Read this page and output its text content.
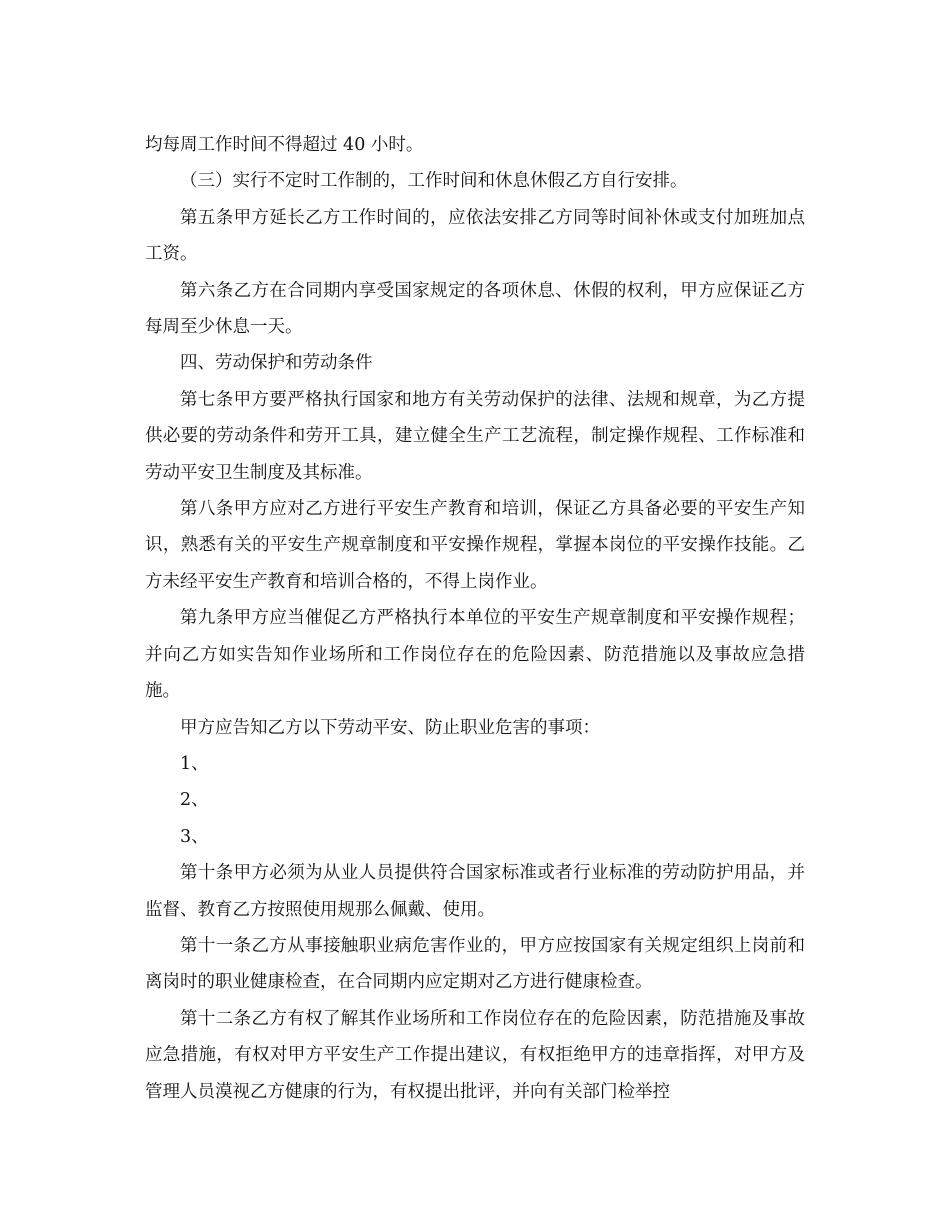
均每周工作时间不得超过 40 小时。

（三）实行不定时工作制的，工作时间和休息休假乙方自行安排。

第五条甲方延长乙方工作时间的，应依法安排乙方同等时间补休或支付加班加点工资。

第六条乙方在合同期内享受国家规定的各项休息、休假的权利，甲方应保证乙方每周至少休息一天。

四、劳动保护和劳动条件

第七条甲方要严格执行国家和地方有关劳动保护的法律、法规和规章，为乙方提供必要的劳动条件和劳开工具，建立健全生产工艺流程，制定操作规程、工作标准和劳动平安卫生制度及其标准。

第八条甲方应对乙方进行平安生产教育和培训，保证乙方具备必要的平安生产知识，熟悉有关的平安生产规章制度和平安操作规程，掌握本岗位的平安操作技能。乙方未经平安生产教育和培训合格的，不得上岗作业。

第九条甲方应当催促乙方严格执行本单位的平安生产规章制度和平安操作规程；并向乙方如实告知作业场所和工作岗位存在的危险因素、防范措施以及事故应急措施。

甲方应告知乙方以下劳动平安、防止职业危害的事项：

1、

2、

3、

第十条甲方必须为从业人员提供符合国家标准或者行业标准的劳动防护用品，并监督、教育乙方按照使用规那么佩戴、使用。

第十一条乙方从事接触职业病危害作业的，甲方应按国家有关规定组织上岗前和离岗时的职业健康检查，在合同期内应定期对乙方进行健康检查。

第十二条乙方有权了解其作业场所和工作岗位存在的危险因素，防范措施及事故应急措施，有权对甲方平安生产工作提出建议，有权拒绝甲方的违章指挥，对甲方及管理人员漠视乙方健康的行为，有权提出批评，并向有关部门检举控
